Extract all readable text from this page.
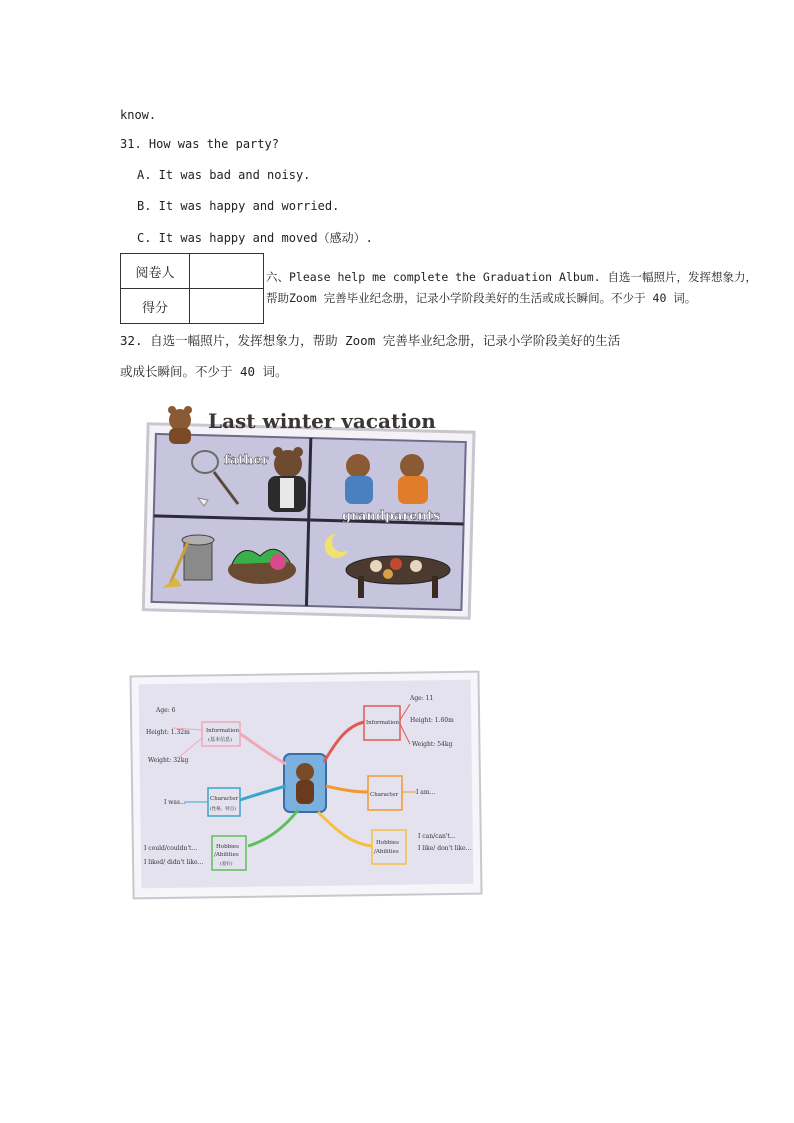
know.
31. How was the party?
A. It was bad and noisy.
B. It was happy and worried.
C. It was happy and moved（感动）.
阅卷人	
得分	
六、Please help me complete the Graduation Album. 自选一幅照片，发挥想象力，
帮助Zoom 完善毕业纪念册，记录小学阶段美好的生活或成长瞬间。不少于 40 词。
32. 自选一幅照片，发挥想象力，帮助 Zoom 完善毕业纪念册，记录小学阶段美好的生活
或成长瞬间。不少于 40 词。
Last winter vacation
father
grandparents
Age: 6
Height: 1.32m
Weight: 32kg
Information
(基本信息)
Character
(性格、特点)
I was...
Hobbies
/Abilities
(爱好)
I could/couldn't...
I liked/ didn't like...
Age: 11
Information Height: 1.60m
Weight: 54kg
Character	I am...
Hobbies
/Abilities
I can/can't...
I like/ don't like...
